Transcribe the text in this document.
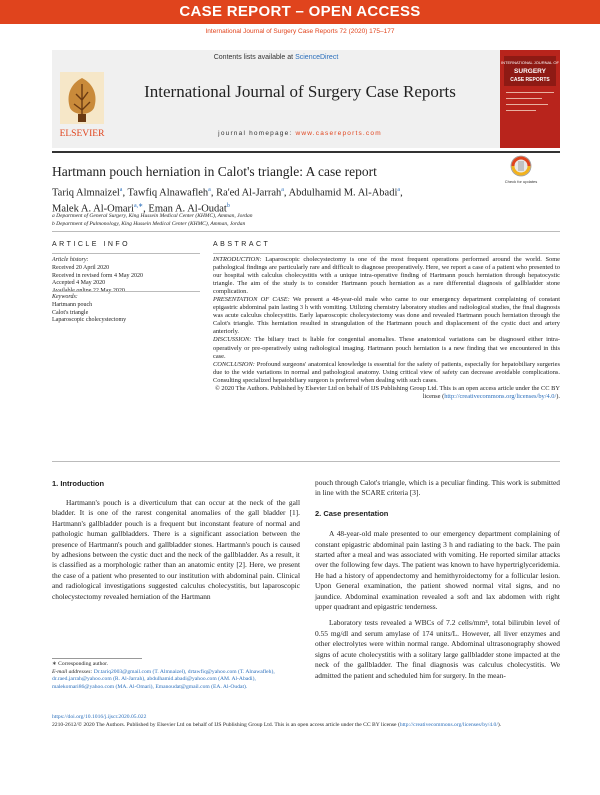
CASE REPORT – OPEN ACCESS
International Journal of Surgery Case Reports 72 (2020) 175–177
Contents lists available at ScienceDirect
ELSEVIER
International Journal of Surgery Case Reports
journal homepage: www.casereports.com
INTERNATIONAL JOURNAL OF
SURGERY
CASE REPORTS
Hartmann pouch herniation in Calot's triangle: A case report
Check for updates
Tariq Almnaizel$^a$, Tawfiq Alnawafleh$^a$, Ra'ed Al-Jarrah$^a$, Abdulhamid M. Al-Abadi$^a$,
Malek A. Al-Omari$^{a,∗}$, Eman A. Al-Oudat$^b$
a Department of General Surgery, King Hussein Medical Center (KHMC), Amman, Jordan
b Department of Pulmonology, King Hussein Medical Center (KHMC), Amman, Jordan
ARTICLE INFO	ABSTRACT
Article history:
Received 20 April 2020
Received in revised form 4 May 2020
Accepted 4 May 2020
Keywords:
Hartmann pouch
Calot's triangle
Laparoscopic cholecystectomy

INTRODUCTION: Laparoscopic cholecystectomy is one of the most frequent operations performed around the world. Some pathological findings are particularly rare and difficult to diagnose preoperatively. Here, we report a case of a patient who presented to our hospital with calculus cholecystitis with a unique intra-operative finding of Hartmann pouch herniation through hepatocystic triangle. The aim of the study is to consider Hartmann pouch herniation as a rare differential diagnosis of gallbladder stone complication.

PRESENTATION OF CASE: We present a 48-year-old male who came to our emergency department complaining of constant epigastric abdominal pain lasting 3 h with vomiting. Utilizing chemistry laboratory studies and radiological studies, the final diagnosis was acute calculus cholecystitis. Early laparoscopic cholecystectomy was done and revealed Hartmann pouch herniation through the Calot's triangle. This herniation resulted in strangulation of the Hartmann pouch and displacement of the cystic duct and artery anteriorly.

DISCUSSION: The biliary tract is liable for congenital anomalies. These anatomical variations can be diagnosed either intra-operatively or pre-operatively using radiological imaging. Hartmann pouch herniation is a new finding that we encountered in this case.

CONCLUSION: Profound surgeons' anatomical knowledge is essential for the safety of patients, especially for hepatobiliary surgeries due to the wide variations in normal and pathological anatomy. Using critical view of safety can decrease avoidable complications. Consulting specialized hepatobiliary surgeon is preferred when dealing with such cases.

© 2020 The Authors. Published by Elsevier Ltd on behalf of IJS Publishing Group Ltd. This is an open access article under the CC BY license (http://creativecommons.org/licenses/by/4.0/).

1. Introduction

Hartmann's pouch is a diverticulum that can occur at the neck of the gall bladder. It is one of the rarest congenital anomalies of the gall bladder [1]. Hartmann's gallbladder pouch is a frequent but inconstant feature of normal and pathologic human gallbladders. There is a significant association between the presence of Hartmann's pouch and gallbladder stones. Hartmann's pouch is caused by adhesions between the cystic duct and the neck of the gallbladder. As a result, it is classified as a morphologic rather than an anatomic entity [2]. Here, we present the case of a patient who presented to our institution with abdominal pain. Clinical and radiological investigations suggested calculus cholecystitis, but laparoscopic cholecystectomy revealed herniation of the Hartmann

pouch through Calot's triangle, which is a peculiar finding. This work is submitted in line with the SCARE criteria [3].

2. Case presentation

A 48-year-old male presented to our emergency department complaining of constant epigastric abdominal pain lasting 3 h and radiating to the back. The pain started after a meal and was associated with vomiting. He reported similar attacks over the following few days. The patient was known to have hypertriglyceridemia. He had a history of appendectomy and hemithyroidectomy for a follicular lesion. Upon General examination, the patient showed normal vital signs, and no jaundice. Abdominal examination revealed a soft and lax abdomen with right upper quadrant and epigastric tenderness.

Laboratory tests revealed a WBCs of 7.2 cells/mm³, total bilirubin level of 0.55 mg/dl and serum amylase of 174 units/L. However, all liver enzymes and other electrolytes were within normal range. Abdominal ultrasonography showed signs of acute cholecystitis with a solitary large gallbladder stone impacted at the neck of the gallbladder. The final diagnosis was calculus cholecystitis. We admitted the patient and scheduled him for surgery. In the mean-

∗ Corresponding author.
E-mail addresses: Dr.tariq2003@gmail.com (T. Almnaizel), drtawfiq@yahoo.com (T. Alnawafleh), dr.raed.jarrah@yahoo.com (R. Al-Jarrah), abdulhamid.abadi@yahoo.com (AM. Al-Abadi), malekomari86@yahoo.com (MA. Al-Omari), Emanoudat@gmail.com (EA. Al-Oudat).
https://doi.org/10.1016/j.ijscr.2020.05.022
2210-2612/© 2020 The Authors. Published by Elsevier Ltd on behalf of IJS Publishing Group Ltd. This is an open access article under the CC BY license (http://creativecommons.org/licenses/by/4.0/).
